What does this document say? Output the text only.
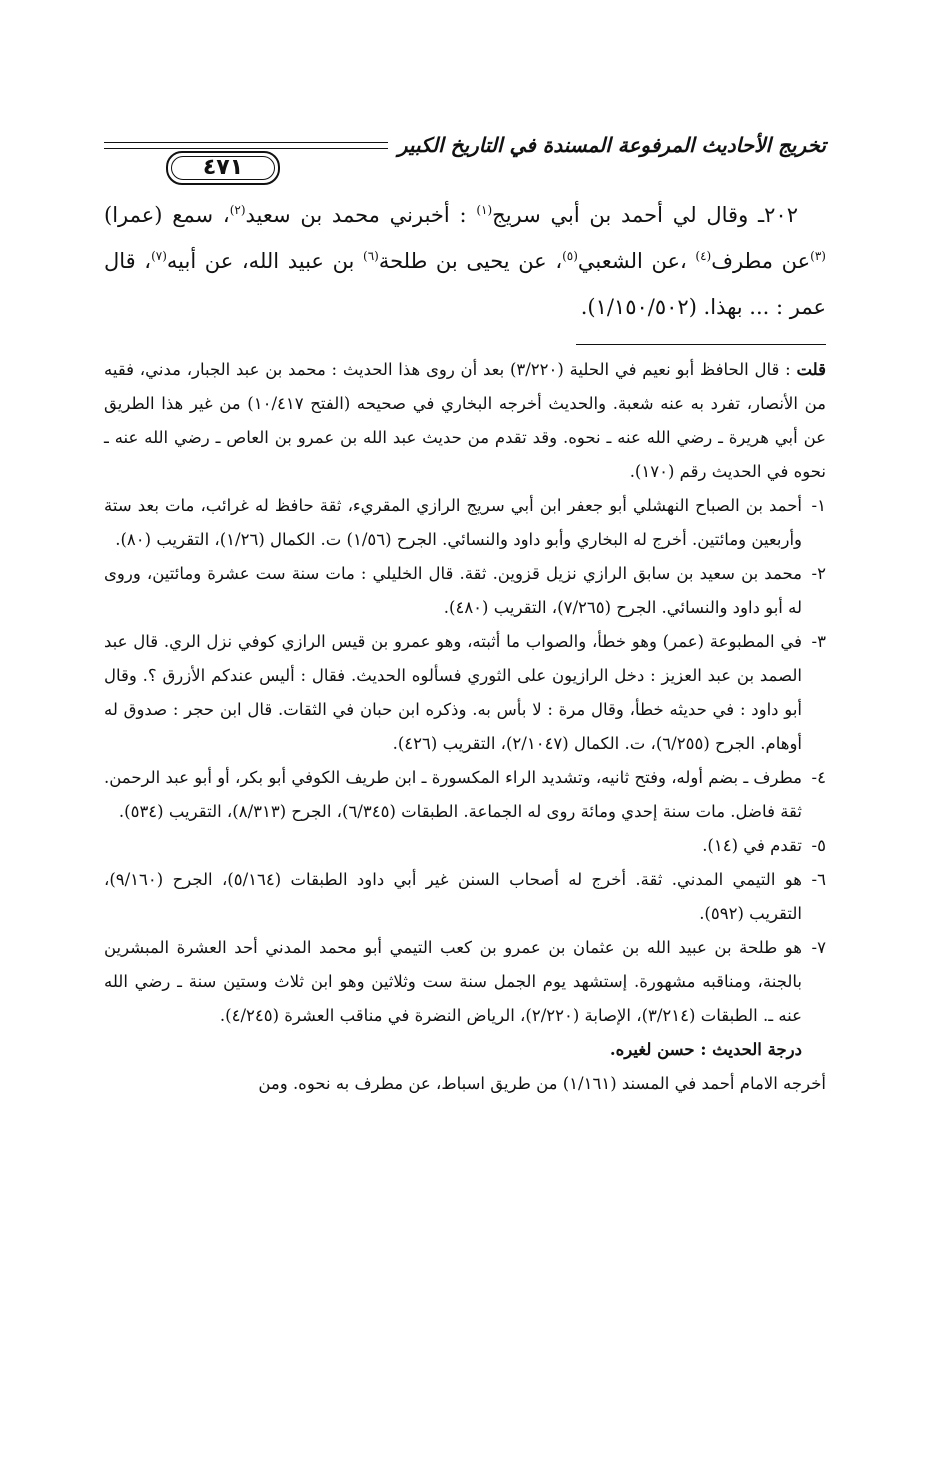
تخريج الأحاديث المرفوعة المسندة في التاريخ الكبير
٤٧١
٢٠٢ـ وقال لي أحمد بن أبي سريج$^{(١)}$ : أخبرني محمد بن سعيد$^{(٢)}$، سمع (عمرا)$^{(٣)}$عن مطرف$^{(٤)}$ ،عن الشعبي$^{(٥)}$، عن يحيى بن طلحة$^{(٦)}$ بن عبيد الله، عن أبيه$^{(٧)}$، قال عمر : ... بهذا. (١/١٥٠/٥٠٢).

قلت : قال الحافظ أبو نعيم في الحلية (٣/٢٢٠) بعد أن روى هذا الحديث : محمد بن عبد الجبار، مدني، فقيه من الأنصار، تفرد به عنه شعبة. والحديث أخرجه البخاري في صحيحه (الفتح ١٠/٤١٧) من غير هذا الطريق عن أبي هريرة ـ رضي الله عنه ـ نحوه. وقد تقدم من حديث عبد الله بن عمرو بن العاص ـ رضي الله عنه ـ نحوه في الحديث رقم (١٧٠).

١-
أحمد بن الصباح النهشلي أبو جعفر ابن أبي سريج الرازي المقريء، ثقة حافظ له غرائب، مات بعد ستة وأربعين ومائتين. أخرج له البخاري وأبو داود والنسائي. الجرح (١/٥٦) ت. الكمال (١/٢٦)، التقريب (٨٠).

٢-
محمد بن سعيد بن سابق الرازي نزيل قزوين. ثقة. قال الخليلي : مات سنة ست عشرة ومائتين، وروى له أبو داود والنسائي. الجرح (٧/٢٦٥)، التقريب (٤٨٠).

٣-
في المطبوعة (عمر) وهو خطأ، والصواب ما أثبته، وهو عمرو بن قيس الرازي كوفي نزل الري. قال عبد الصمد بن عبد العزيز : دخل الرازيون على الثوري فسألوه الحديث. فقال : أليس عندكم الأزرق ؟. وقال أبو داود : في حديثه خطأ، وقال مرة : لا بأس به. وذكره ابن حبان في الثقات. قال ابن حجر : صدوق له أوهام. الجرح (٦/٢٥٥)، ت. الكمال (٢/١٠٤٧)، التقريب (٤٢٦).

٤-
مطرف ـ بضم أوله، وفتح ثانيه، وتشديد الراء المكسورة ـ ابن طريف الكوفي أبو بكر، أو أبو عبد الرحمن. ثقة فاضل. مات سنة إحدي ومائة روى له الجماعة. الطبقات (٦/٣٤٥)، الجرح (٨/٣١٣)، التقريب (٥٣٤).

٥-
تقدم في (١٤).

٦-
هو التيمي المدني. ثقة. أخرج له أصحاب السنن غير أبي داود الطبقات (٥/١٦٤)، الجرح (٩/١٦٠)، التقريب (٥٩٢).

٧-
هو طلحة بن عبيد الله بن عثمان بن عمرو بن كعب التيمي أبو محمد المدني أحد العشرة المبشرين بالجنة، ومناقبه مشهورة. إستشهد يوم الجمل سنة ست وثلاثين وهو ابن ثلاث وستين سنة ـ رضي الله عنه ـ. الطبقات (٣/٢١٤)، الإصابة (٢/٢٢٠)، الرياض النضرة في مناقب العشرة (٤/٢٤٥).

درجة الحديث : حسن لغيره.

أخرجه الامام أحمد في المسند (١/١٦١) من طريق اسباط، عن مطرف به نحوه. ومن
